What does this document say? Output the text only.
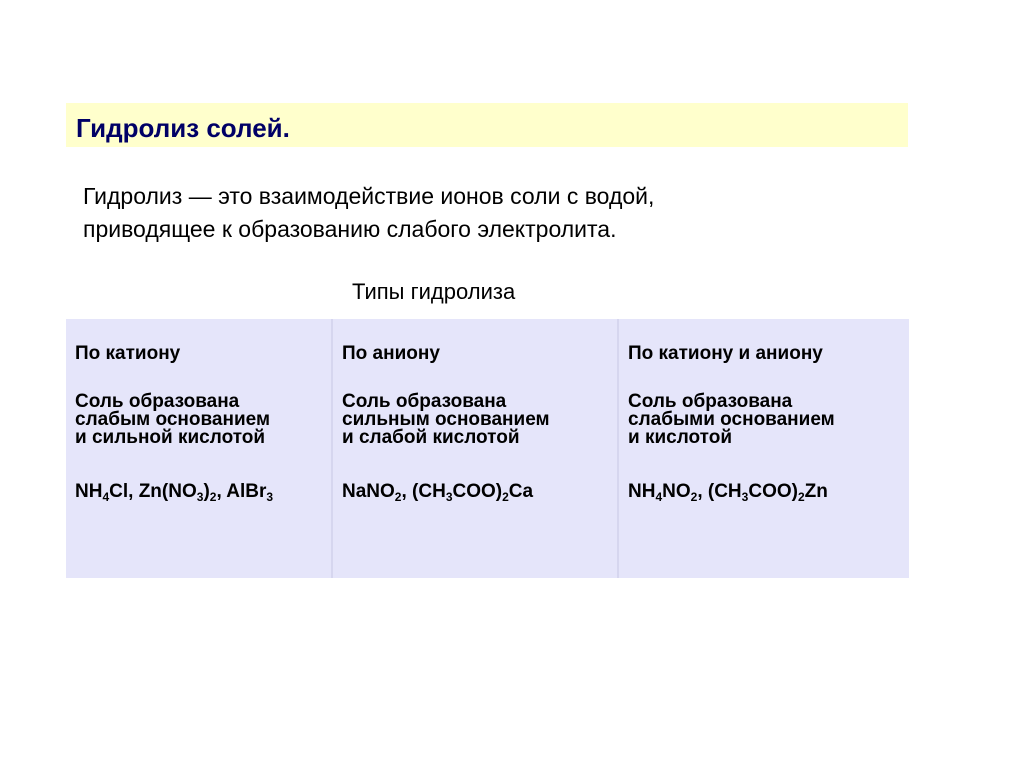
Гидролиз солей.

Гидролиз — это взаимодействие ионов соли с водой,
приводящее к образованию слабого электролита.

Типы гидролиза
По катиону
Соль образована
слабым основанием
и сильной кислотой
$NH_4Cl$, $Zn(NO_3)_2$, AlBr$_3$
По аниону
Соль образована
сильным основанием
и слабой кислотой
NaNO$_2$, $(CH_3COO)_2Ca$
По катиону и аниону
Соль образована
слабыми основанием
и кислотой
$NH_4NO_2$, $(CH_3COO)_2Zn$
